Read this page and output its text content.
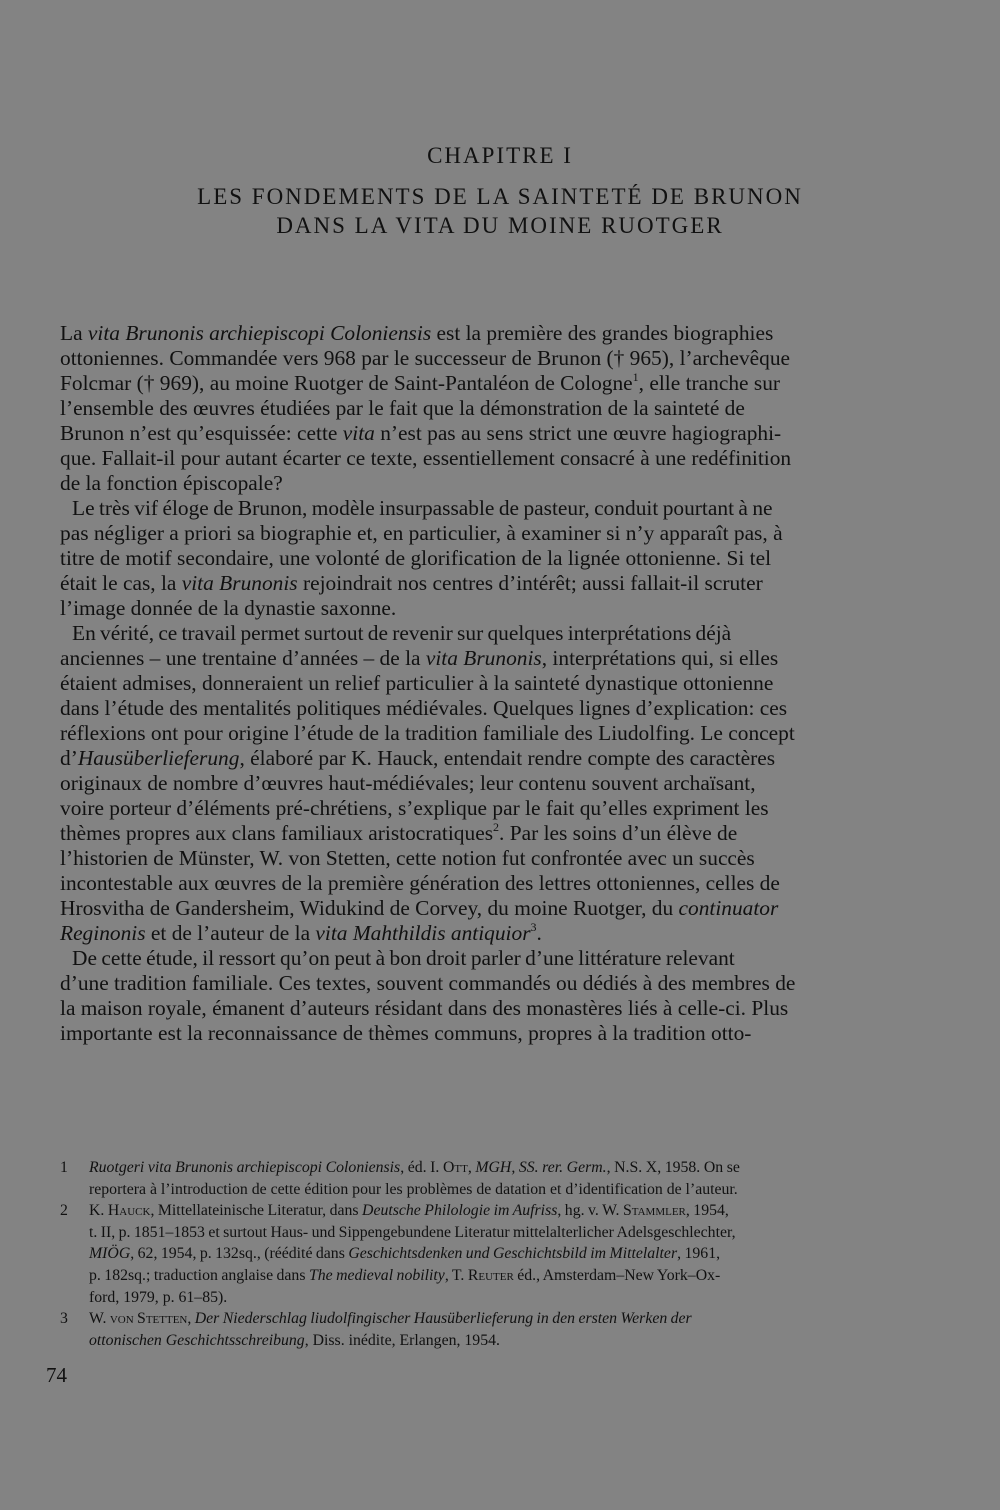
CHAPITRE I
LES FONDEMENTS DE LA SAINTETÉ DE BRUNON
DANS LA VITA DU MOINE RUOTGER

La vita Brunonis archiepiscopi Coloniensis est la première des grandes biographies
ottoniennes. Commandée vers 968 par le successeur de Brunon († 965), l’archevêque
Folcmar († 969), au moine Ruotger de Saint-Pantaléon de Cologne$^1$, elle tranche sur
l’ensemble des œuvres étudiées par le fait que la démonstration de la sainteté de
Brunon n’est qu’esquissée: cette vita n’est pas au sens strict une œuvre hagiographi-
que. Fallait-il pour autant écarter ce texte, essentiellement consacré à une redéfinition
de la fonction épiscopale?

Le très vif éloge de Brunon, modèle insurpassable de pasteur, conduit pourtant à ne
pas négliger a priori sa biographie et, en particulier, à examiner si n’y apparaît pas, à
titre de motif secondaire, une volonté de glorification de la lignée ottonienne. Si tel
était le cas, la vita Brunonis rejoindrait nos centres d’intérêt; aussi fallait-il scruter
l’image donnée de la dynastie saxonne.

En vérité, ce travail permet surtout de revenir sur quelques interprétations déjà
anciennes – une trentaine d’années – de la vita Brunonis, interprétations qui, si elles
étaient admises, donneraient un relief particulier à la sainteté dynastique ottonienne
dans l’étude des mentalités politiques médiévales. Quelques lignes d’explication: ces
réflexions ont pour origine l’étude de la tradition familiale des Liudolfing. Le concept
d’Hausüberlieferung, élaboré par K. Hauck, entendait rendre compte des caractères
originaux de nombre d’œuvres haut-médiévales; leur contenu souvent archaïsant,
voire porteur d’éléments pré-chrétiens, s’explique par le fait qu’elles expriment les
thèmes propres aux clans familiaux aristocratiques$^2$. Par les soins d’un élève de
l’historien de Münster, W. von Stetten, cette notion fut confrontée avec un succès
incontestable aux œuvres de la première génération des lettres ottoniennes, celles de
Hrosvitha de Gandersheim, Widukind de Corvey, du moine Ruotger, du continuator
Reginonis et de l’auteur de la vita Mahthildis antiquior$^3$.

De cette étude, il ressort qu’on peut à bon droit parler d’une littérature relevant
d’une tradition familiale. Ces textes, souvent commandés ou dédiés à des membres de
la maison royale, émanent d’auteurs résidant dans des monastères liés à celle-ci. Plus
importante est la reconnaissance de thèmes communs, propres à la tradition otto-

1 Ruotgeri vita Brunonis archiepiscopi Coloniensis, éd. I. Ott, MGH, SS. rer. Germ., N.S. X, 1958. On se
reportera à l’introduction de cette édition pour les problèmes de datation et d’identification de l’auteur.
2 K. Hauck, Mittellateinische Literatur, dans Deutsche Philologie im Aufriss, hg. v. W. Stammler, 1954,
t. II, p. 1851–1853 et surtout Haus- und Sippengebundene Literatur mittelalterlicher Adelsgeschlechter,
MIÖG, 62, 1954, p. 132sq., (réédité dans Geschichtsdenken und Geschichtsbild im Mittelalter, 1961,
p. 182sq.; traduction anglaise dans The medieval nobility, T. Reuter éd., Amsterdam–New York–Ox-
ford, 1979, p. 61–85).
3 W. von Stetten, Der Niederschlag liudolfingischer Hausüberlieferung in den ersten Werken der
ottonischen Geschichtsschreibung, Diss. inédite, Erlangen, 1954.
74
